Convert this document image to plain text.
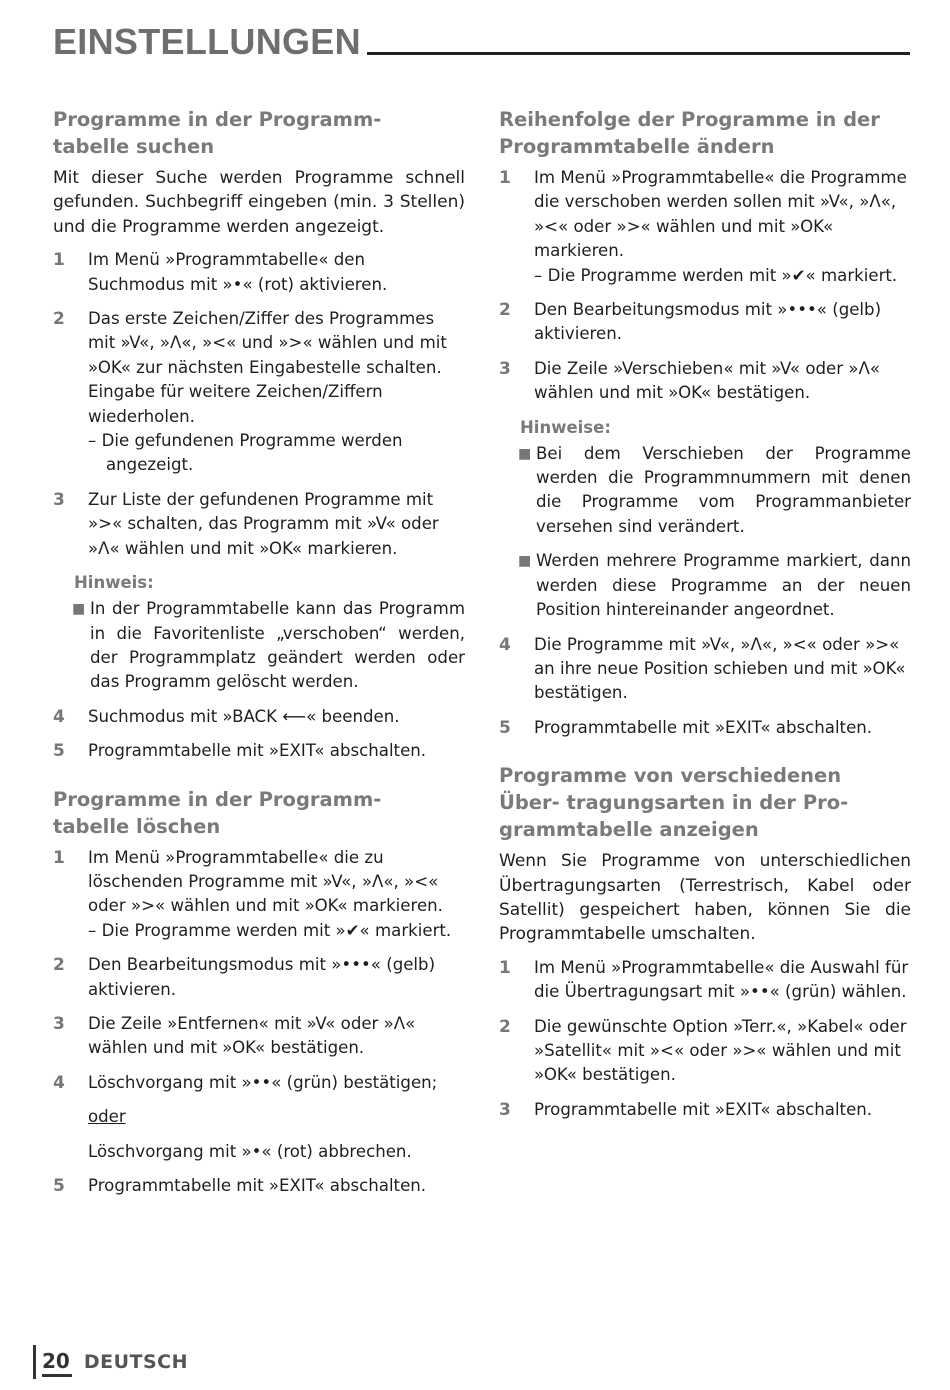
EINSTELLUNGEN
Programme in der Programm-
tabelle suchen

Mit dieser Suche werden Programme schnell gefunden. Suchbegriff eingeben (min. 3 Stellen) und die Programme werden angezeigt.

1	Im Menü »Programmtabelle« den Suchmodus mit »•« (rot) aktivieren.
2	Das erste Zeichen/Ziffer des Programmes mit »V«, »Λ«, »<« und »>« wählen und mit »OK« zur nächsten Eingabestelle schalten.
Eingabe für weitere Zeichen/Ziffern wiederholen.
– Die gefundenen Programme werden angezeigt.
3	Zur Liste der gefundenen Programme mit »>« schalten, das Programm mit »V« oder »Λ« wählen und mit »OK« markieren.
Hinweis:
■ In der Programmtabelle kann das Programm in die Favoritenliste „verschoben“ werden, der Programmplatz geändert werden oder das Programm gelöscht werden.
4	Suchmodus mit »BACK ⟵« beenden.
5	Programmtabelle mit »EXIT« abschalten.
Programme in der Programm-
tabelle löschen
1	Im Menü »Programmtabelle« die zu löschenden Programme mit »V«, »Λ«, »<« oder »>« wählen und mit »OK« markieren.
– Die Programme werden mit »✔« markiert.
2	Den Bearbeitungsmodus mit »•••« (gelb) aktivieren.
3	Die Zeile »Entfernen« mit »V« oder »Λ« wählen und mit »OK« bestätigen.
4	Löschvorgang mit »••« (grün) bestätigen;
oder
Löschvorgang mit »•« (rot) abbrechen.
5	Programmtabelle mit »EXIT« abschalten.
Reihenfolge der Programme in der
Programmtabelle ändern
1	Im Menü »Programmtabelle« die Programme die verschoben werden sollen mit »V«, »Λ«, »<« oder »>« wählen und mit »OK« markieren.
– Die Programme werden mit »✔« markiert.
2	Den Bearbeitungsmodus mit »•••« (gelb) aktivieren.
3	Die Zeile »Verschieben« mit »V« oder »Λ« wählen und mit »OK« bestätigen.
Hinweise:
■ Bei dem Verschieben der Programme werden die Programmnummern mit denen die Programme vom Programmanbieter versehen sind verändert.
■ Werden mehrere Programme markiert, dann werden diese Programme an der neuen Position hintereinander angeordnet.
4	Die Programme mit »V«, »Λ«, »<« oder »>« an ihre neue Position schieben und mit »OK« bestätigen.
5	Programmtabelle mit »EXIT« abschalten.
Programme von verschiedenen
Über- tragungsarten in der Pro-
grammtabelle anzeigen

Wenn Sie Programme von unterschiedlichen Übertragungsarten (Terrestrisch, Kabel oder Satellit) gespeichert haben, können Sie die Programmtabelle umschalten.

1	Im Menü »Programmtabelle« die Auswahl für die Übertragungsart mit »••« (grün) wählen.
2	Die gewünschte Option »Terr.«, »Kabel« oder »Satellit« mit »<« oder »>« wählen und mit »OK« bestätigen.
3	Programmtabelle mit »EXIT« abschalten.
20 DEUTSCH
